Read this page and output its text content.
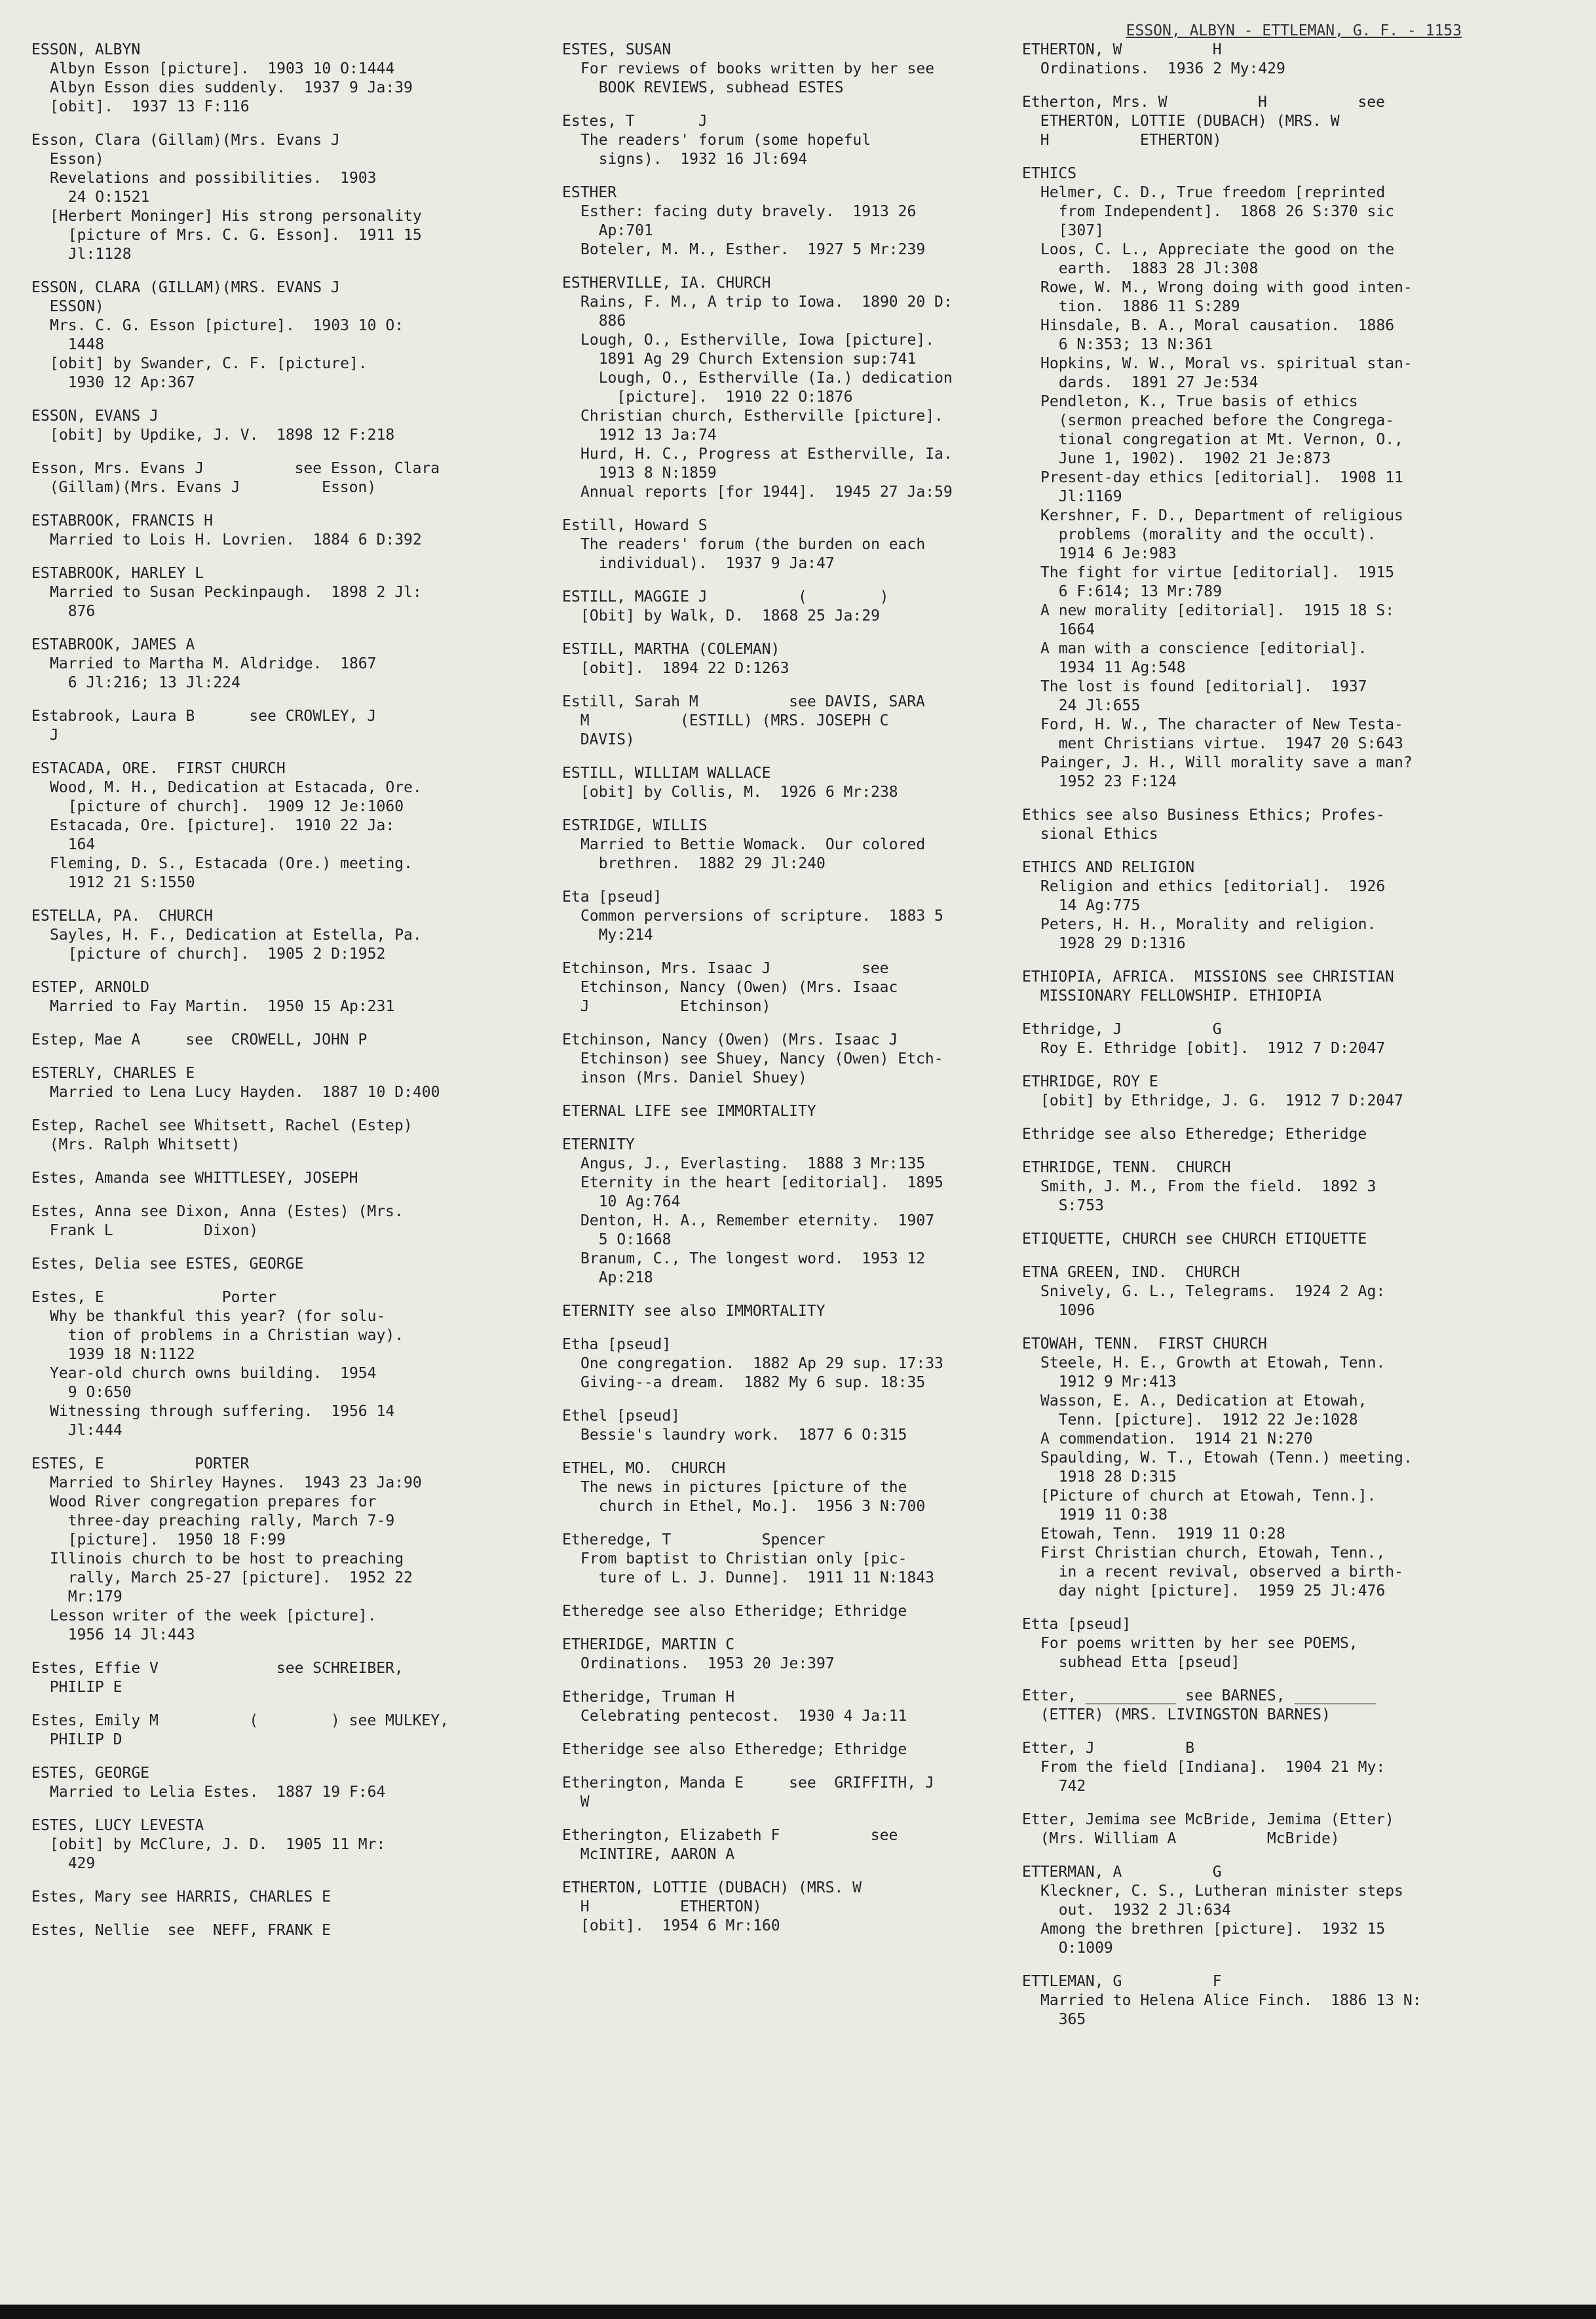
ESSON, ALBYN - ETTLEMAN, G. F. - 1153
ESSON, ALBYN
Albyn Esson [picture].  1903 10 O:1444
Albyn Esson dies suddenly.  1937 9 Ja:39
[obit].  1937 13 F:116
Esson, Clara (Gillam)(Mrs. Evans J
Esson)
Revelations and possibilities.  1903
24 O:1521
[Herbert Moninger] His strong personality
[picture of Mrs. C. G. Esson].  1911 15
Jl:1128
ESSON, CLARA (GILLAM)(MRS. EVANS J
ESSON)
Mrs. C. G. Esson [picture].  1903 10 O:
1448
[obit] by Swander, C. F. [picture].
1930 12 Ap:367
ESSON, EVANS J
[obit] by Updike, J. V.  1898 12 F:218
Esson, Mrs. Evans J          see Esson, Clara
(Gillam)(Mrs. Evans J         Esson)
ESTABROOK, FRANCIS H
Married to Lois H. Lovrien.  1884 6 D:392
ESTABROOK, HARLEY L
Married to Susan Peckinpaugh.  1898 2 Jl:
876
ESTABROOK, JAMES A
Married to Martha M. Aldridge.  1867
6 Jl:216; 13 Jl:224
Estabrook, Laura B      see CROWLEY, J
J
ESTACADA, ORE.  FIRST CHURCH
Wood, M. H., Dedication at Estacada, Ore.
[picture of church].  1909 12 Je:1060
Estacada, Ore. [picture].  1910 22 Ja:
164
Fleming, D. S., Estacada (Ore.) meeting.
1912 21 S:1550
ESTELLA, PA.  CHURCH
Sayles, H. F., Dedication at Estella, Pa.
[picture of church].  1905 2 D:1952
ESTEP, ARNOLD
Married to Fay Martin.  1950 15 Ap:231
Estep, Mae A     see  CROWELL, JOHN P
ESTERLY, CHARLES E
Married to Lena Lucy Hayden.  1887 10 D:400
Estep, Rachel see Whitsett, Rachel (Estep)
(Mrs. Ralph Whitsett)
Estes, Amanda see WHITTLESEY, JOSEPH
Estes, Anna see Dixon, Anna (Estes) (Mrs.
Frank L          Dixon)
Estes, Delia see ESTES, GEORGE
Estes, E             Porter
Why be thankful this year? (for solu-
tion of problems in a Christian way).
1939 18 N:1122
Year-old church owns building.  1954
9 O:650
Witnessing through suffering.  1956 14
Jl:444
ESTES, E          PORTER
Married to Shirley Haynes.  1943 23 Ja:90
Wood River congregation prepares for
three-day preaching rally, March 7-9
[picture].  1950 18 F:99
Illinois church to be host to preaching
rally, March 25-27 [picture].  1952 22
Mr:179
Lesson writer of the week [picture].
1956 14 Jl:443
Estes, Effie V             see SCHREIBER,
PHILIP E
Estes, Emily M          (        ) see MULKEY,
PHILIP D
ESTES, GEORGE
Married to Lelia Estes.  1887 19 F:64
ESTES, LUCY LEVESTA
[obit] by McClure, J. D.  1905 11 Mr:
429
Estes, Mary see HARRIS, CHARLES E
Estes, Nellie  see  NEFF, FRANK E
ESTES, SUSAN
For reviews of books written by her see
BOOK REVIEWS, subhead ESTES
Estes, T       J
The readers' forum (some hopeful
signs).  1932 16 Jl:694
ESTHER
Esther: facing duty bravely.  1913 26
Ap:701
Boteler, M. M., Esther.  1927 5 Mr:239
ESTHERVILLE, IA. CHURCH
Rains, F. M., A trip to Iowa.  1890 20 D:
886
Lough, O., Estherville, Iowa [picture].
1891 Ag 29 Church Extension sup:741
Lough, O., Estherville (Ia.) dedication
[picture].  1910 22 O:1876
Christian church, Estherville [picture].
1912 13 Ja:74
Hurd, H. C., Progress at Estherville, Ia.
1913 8 N:1859
Annual reports [for 1944].  1945 27 Ja:59
Estill, Howard S
The readers' forum (the burden on each
individual).  1937 9 Ja:47
ESTILL, MAGGIE J          (        )
[Obit] by Walk, D.  1868 25 Ja:29
ESTILL, MARTHA (COLEMAN)
[obit].  1894 22 D:1263
Estill, Sarah M          see DAVIS, SARA
M          (ESTILL) (MRS. JOSEPH C
DAVIS)
ESTILL, WILLIAM WALLACE
[obit] by Collis, M.  1926 6 Mr:238
ESTRIDGE, WILLIS
Married to Bettie Womack.  Our colored
brethren.  1882 29 Jl:240
Eta [pseud]
Common perversions of scripture.  1883 5
My:214
Etchinson, Mrs. Isaac J          see
Etchinson, Nancy (Owen) (Mrs. Isaac
J          Etchinson)
Etchinson, Nancy (Owen) (Mrs. Isaac J
Etchinson) see Shuey, Nancy (Owen) Etch-
inson (Mrs. Daniel Shuey)
ETERNAL LIFE see IMMORTALITY
ETERNITY
Angus, J., Everlasting.  1888 3 Mr:135
Eternity in the heart [editorial].  1895
10 Ag:764
Denton, H. A., Remember eternity.  1907
5 O:1668
Branum, C., The longest word.  1953 12
Ap:218
ETERNITY see also IMMORTALITY
Etha [pseud]
One congregation.  1882 Ap 29 sup. 17:33
Giving--a dream.  1882 My 6 sup. 18:35
Ethel [pseud]
Bessie's laundry work.  1877 6 O:315
ETHEL, MO.  CHURCH
The news in pictures [picture of the
church in Ethel, Mo.].  1956 3 N:700
Etheredge, T          Spencer
From baptist to Christian only [pic-
ture of L. J. Dunne].  1911 11 N:1843
Etheredge see also Etheridge; Ethridge
ETHERIDGE, MARTIN C
Ordinations.  1953 20 Je:397
Etheridge, Truman H
Celebrating pentecost.  1930 4 Ja:11
Etheridge see also Etheredge; Ethridge
Etherington, Manda E     see  GRIFFITH, J
W
Etherington, Elizabeth F          see
McINTIRE, AARON A
ETHERTON, LOTTIE (DUBACH) (MRS. W
H          ETHERTON)
[obit].  1954 6 Mr:160
ETHERTON, W          H
Ordinations.  1936 2 My:429
Etherton, Mrs. W          H          see
ETHERTON, LOTTIE (DUBACH) (MRS. W
H          ETHERTON)
ETHICS
Helmer, C. D., True freedom [reprinted
from Independent].  1868 26 S:370 sic
[307]
Loos, C. L., Appreciate the good on the
earth.  1883 28 Jl:308
Rowe, W. M., Wrong doing with good inten-
tion.  1886 11 S:289
Hinsdale, B. A., Moral causation.  1886
6 N:353; 13 N:361
Hopkins, W. W., Moral vs. spiritual stan-
dards.  1891 27 Je:534
Pendleton, K., True basis of ethics
(sermon preached before the Congrega-
tional congregation at Mt. Vernon, O.,
June 1, 1902).  1902 21 Je:873
Present-day ethics [editorial].  1908 11
Jl:1169
Kershner, F. D., Department of religious
problems (morality and the occult).
1914 6 Je:983
The fight for virtue [editorial].  1915
6 F:614; 13 Mr:789
A new morality [editorial].  1915 18 S:
1664
A man with a conscience [editorial].
1934 11 Ag:548
The lost is found [editorial].  1937
24 Jl:655
Ford, H. W., The character of New Testa-
ment Christians virtue.  1947 20 S:643
Painger, J. H., Will morality save a man?
1952 23 F:124
Ethics see also Business Ethics; Profes-
sional Ethics
ETHICS AND RELIGION
Religion and ethics [editorial].  1926
14 Ag:775
Peters, H. H., Morality and religion.
1928 29 D:1316
ETHIOPIA, AFRICA.  MISSIONS see CHRISTIAN
MISSIONARY FELLOWSHIP. ETHIOPIA
Ethridge, J          G
Roy E. Ethridge [obit].  1912 7 D:2047
ETHRIDGE, ROY E
[obit] by Ethridge, J. G.  1912 7 D:2047
Ethridge see also Etheredge; Etheridge
ETHRIDGE, TENN.  CHURCH
Smith, J. M., From the field.  1892 3
S:753
ETIQUETTE, CHURCH see CHURCH ETIQUETTE
ETNA GREEN, IND.  CHURCH
Snively, G. L., Telegrams.  1924 2 Ag:
1096
ETOWAH, TENN.  FIRST CHURCH
Steele, H. E., Growth at Etowah, Tenn.
1912 9 Mr:413
Wasson, E. A., Dedication at Etowah,
Tenn. [picture].  1912 22 Je:1028
A commendation.  1914 21 N:270
Spaulding, W. T., Etowah (Tenn.) meeting.
1918 28 D:315
[Picture of church at Etowah, Tenn.].
1919 11 O:38
Etowah, Tenn.  1919 11 O:28
First Christian church, Etowah, Tenn.,
in a recent revival, observed a birth-
day night [picture].  1959 25 Jl:476
Etta [pseud]
For poems written by her see POEMS,
subhead Etta [pseud]
Etter, __________ see BARNES, _________
(ETTER) (MRS. LIVINGSTON BARNES)
Etter, J          B
From the field [Indiana].  1904 21 My:
742
Etter, Jemima see McBride, Jemima (Etter)
(Mrs. William A          McBride)
ETTERMAN, A          G
Kleckner, C. S., Lutheran minister steps
out.  1932 2 Jl:634
Among the brethren [picture].  1932 15
O:1009
ETTLEMAN, G          F
Married to Helena Alice Finch.  1886 13 N:
365
